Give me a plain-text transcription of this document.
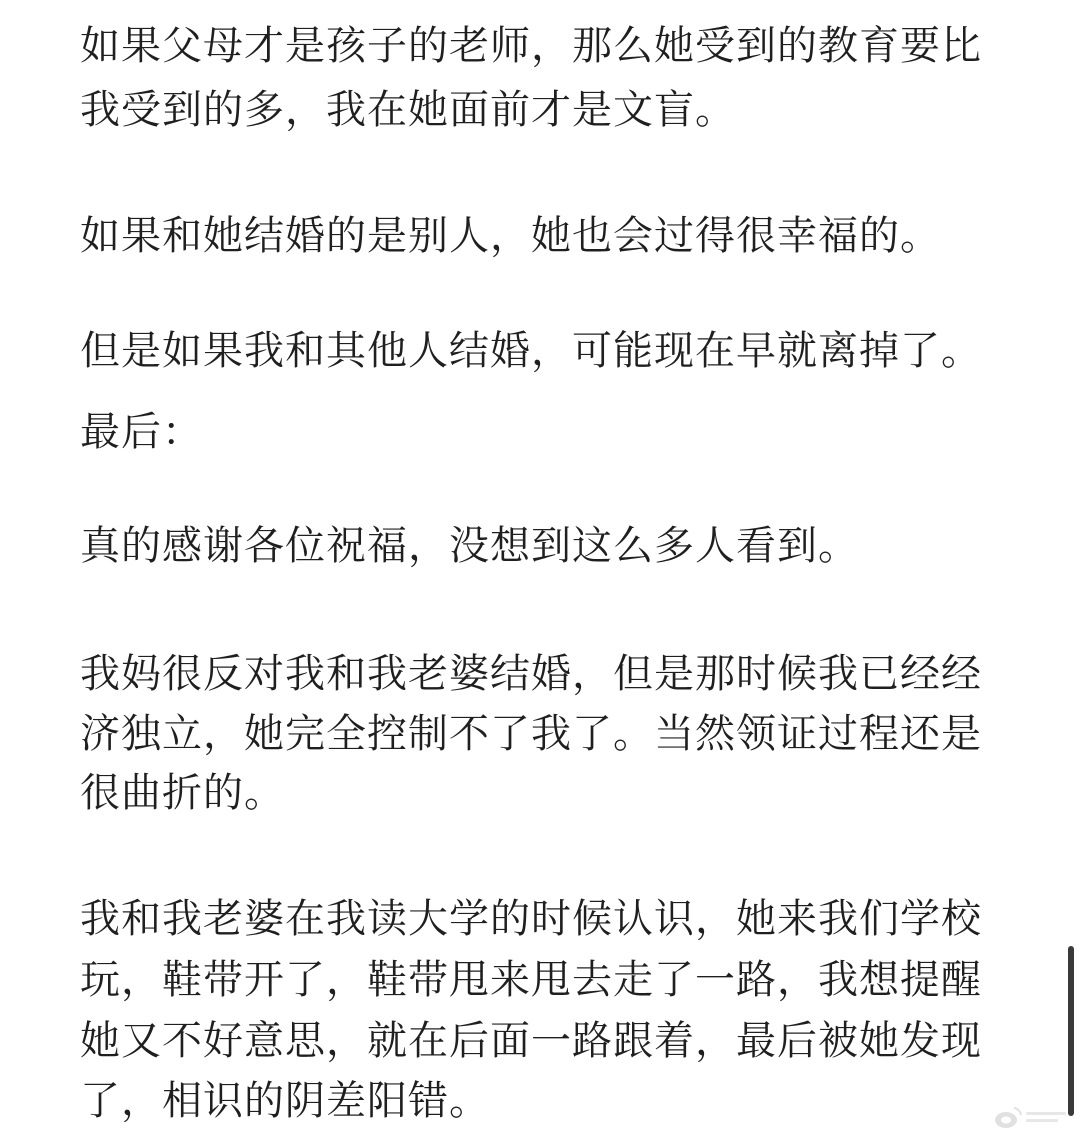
如果父母才是孩子的老师，那么她受到的教育要比
我受到的多，我在她面前才是文盲。
如果和她结婚的是别人，她也会过得很幸福的。
但是如果我和其他人结婚，可能现在早就离掉了。
最后：
真的感谢各位祝福，没想到这么多人看到。
我妈很反对我和我老婆结婚，但是那时候我已经经
济独立，她完全控制不了我了。当然领证过程还是
很曲折的。
我和我老婆在我读大学的时候认识，她来我们学校
玩，鞋带开了，鞋带甩来甩去走了一路，我想提醒
她又不好意思，就在后面一路跟着，最后被她发现
了，相识的阴差阳错。
